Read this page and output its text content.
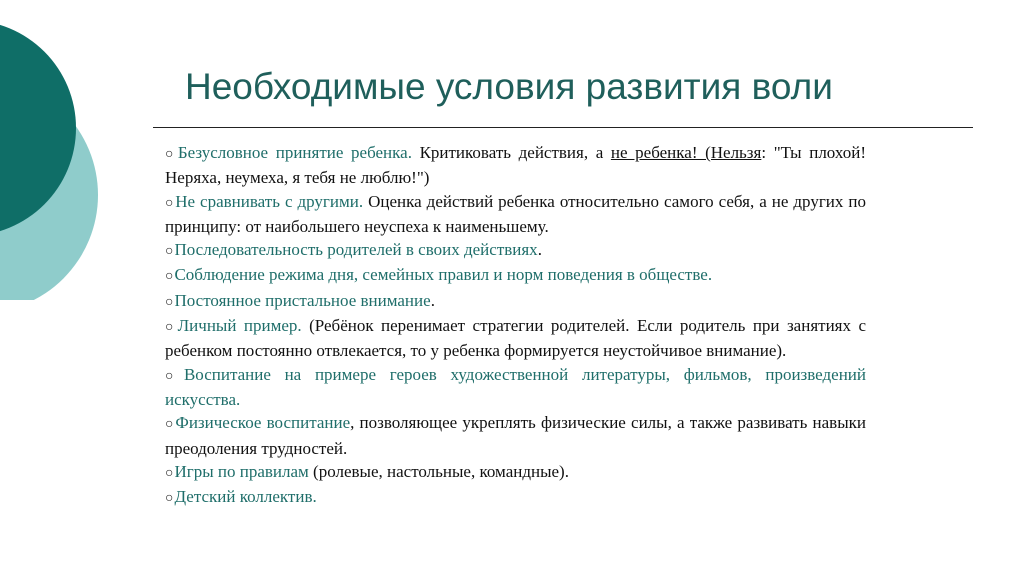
Необходимые условия развития воли

○Безусловное принятие ребенка. Критиковать действия, а не ребенка! (Нельзя: "Ты плохой! Неряха, неумеха, я тебя не люблю!")

○Не сравнивать с другими. Оценка действий ребенка относительно самого себя, а не других по принципу: от наибольшего неуспеха к наименьшему.

○Последовательность родителей в своих действиях.

○Соблюдение режима дня, семейных правил и норм поведения в обществе.

○Постоянное пристальное внимание.

○Личный пример. (Ребёнок перенимает стратегии родителей. Если родитель при занятиях с ребенком постоянно отвлекается, то у ребенка формируется неустойчивое внимание).

○Воспитание на примере героев художественной литературы, фильмов, произведений искусства.

○Физическое воспитание, позволяющее укреплять физические силы, а также развивать навыки преодоления трудностей.

○Игры по правилам (ролевые, настольные, командные).

○Детский коллектив.
